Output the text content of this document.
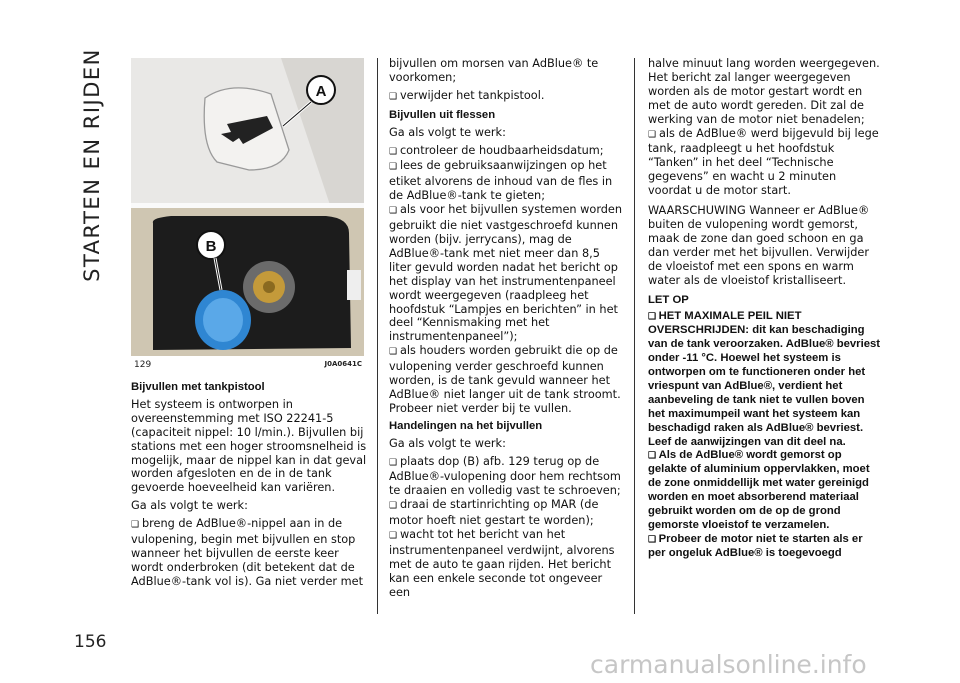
STARTEN EN RIJDEN	A
B
129	J0A0641C
Bijvullen met tankpistool

Het systeem is ontworpen in overeenstemming met ISO 22241-5 (capaciteit nippel: 10 l/min.). Bijvullen bij stations met een hoger stroomsnelheid is mogelijk, maar de nippel kan in dat geval worden afgesloten en de in de tank gevoerde hoeveelheid kan variëren.

Ga als volgt te werk:

❑ breng de AdBlue®-nippel aan in de vulopening, begin met bijvullen en stop wanneer het bijvullen de eerste keer wordt onderbroken (dit betekent dat de AdBlue®-tank vol is). Ga niet verder met

bijvullen om morsen van AdBlue® te voorkomen;

❑ verwijder het tankpistool.

Bijvullen uit flessen

Ga als volgt te werk:

❑ controleer de houdbaarheidsdatum;

❑ lees de gebruiksaanwijzingen op het etiket alvorens de inhoud van de fles in de AdBlue®-tank te gieten;

❑ als voor het bijvullen systemen worden gebruikt die niet vastgeschroefd kunnen worden (bijv. jerrycans), mag de AdBlue®-tank met niet meer dan 8,5 liter gevuld worden nadat het bericht op het display van het instrumentenpaneel wordt weergegeven (raadpleeg het hoofdstuk “Lampjes en berichten” in het deel “Kennismaking met het instrumentenpaneel”);

❑ als houders worden gebruikt die op de vulopening verder geschroefd kunnen worden, is de tank gevuld wanneer het AdBlue® niet langer uit de tank stroomt. Probeer niet verder bij te vullen.

Handelingen na het bijvullen

Ga als volgt te werk:

❑ plaats dop (B) afb. 129 terug op de AdBlue®-vulopening door hem rechtsom te draaien en volledig vast te schroeven;

❑ draai de startinrichting op MAR (de motor hoeft niet gestart te worden);

❑ wacht tot het bericht van het instrumentenpaneel verdwijnt, alvorens met de auto te gaan rijden. Het bericht kan een enkele seconde tot ongeveer een

halve minuut lang worden weergegeven. Het bericht zal langer weergegeven worden als de motor gestart wordt en met de auto wordt gereden. Dit zal de werking van de motor niet benadelen;

❑ als de AdBlue® werd bijgevuld bij lege tank, raadpleegt u het hoofdstuk “Tanken” in het deel “Technische gegevens” en wacht u 2 minuten voordat u de motor start.

WAARSCHUWING Wanneer er AdBlue® buiten de vulopening wordt gemorst, maak de zone dan goed schoon en ga dan verder met het bijvullen. Verwijder de vloeistof met een spons en warm water als de vloeistof kristalliseert.

LET OP

❑ HET MAXIMALE PEIL NIET OVERSCHRIJDEN: dit kan beschadiging van de tank veroorzaken. AdBlue® bevriest onder -11 °C. Hoewel het systeem is ontworpen om te functioneren onder het vriespunt van AdBlue®, verdient het aanbeveling de tank niet te vullen boven het maximumpeil want het systeem kan beschadigd raken als AdBlue® bevriest. Leef de aanwijzingen van dit deel na.

❑ Als de AdBlue® wordt gemorst op gelakte of aluminium oppervlakken, moet de zone onmiddellijk met water gereinigd worden en moet absorberend materiaal gebruikt worden om de op de grond gemorste vloeistof te verzamelen.

❑ Probeer de motor niet te starten als er per ongeluk AdBlue® is toegevoegd

156
carmanualsonline.info
